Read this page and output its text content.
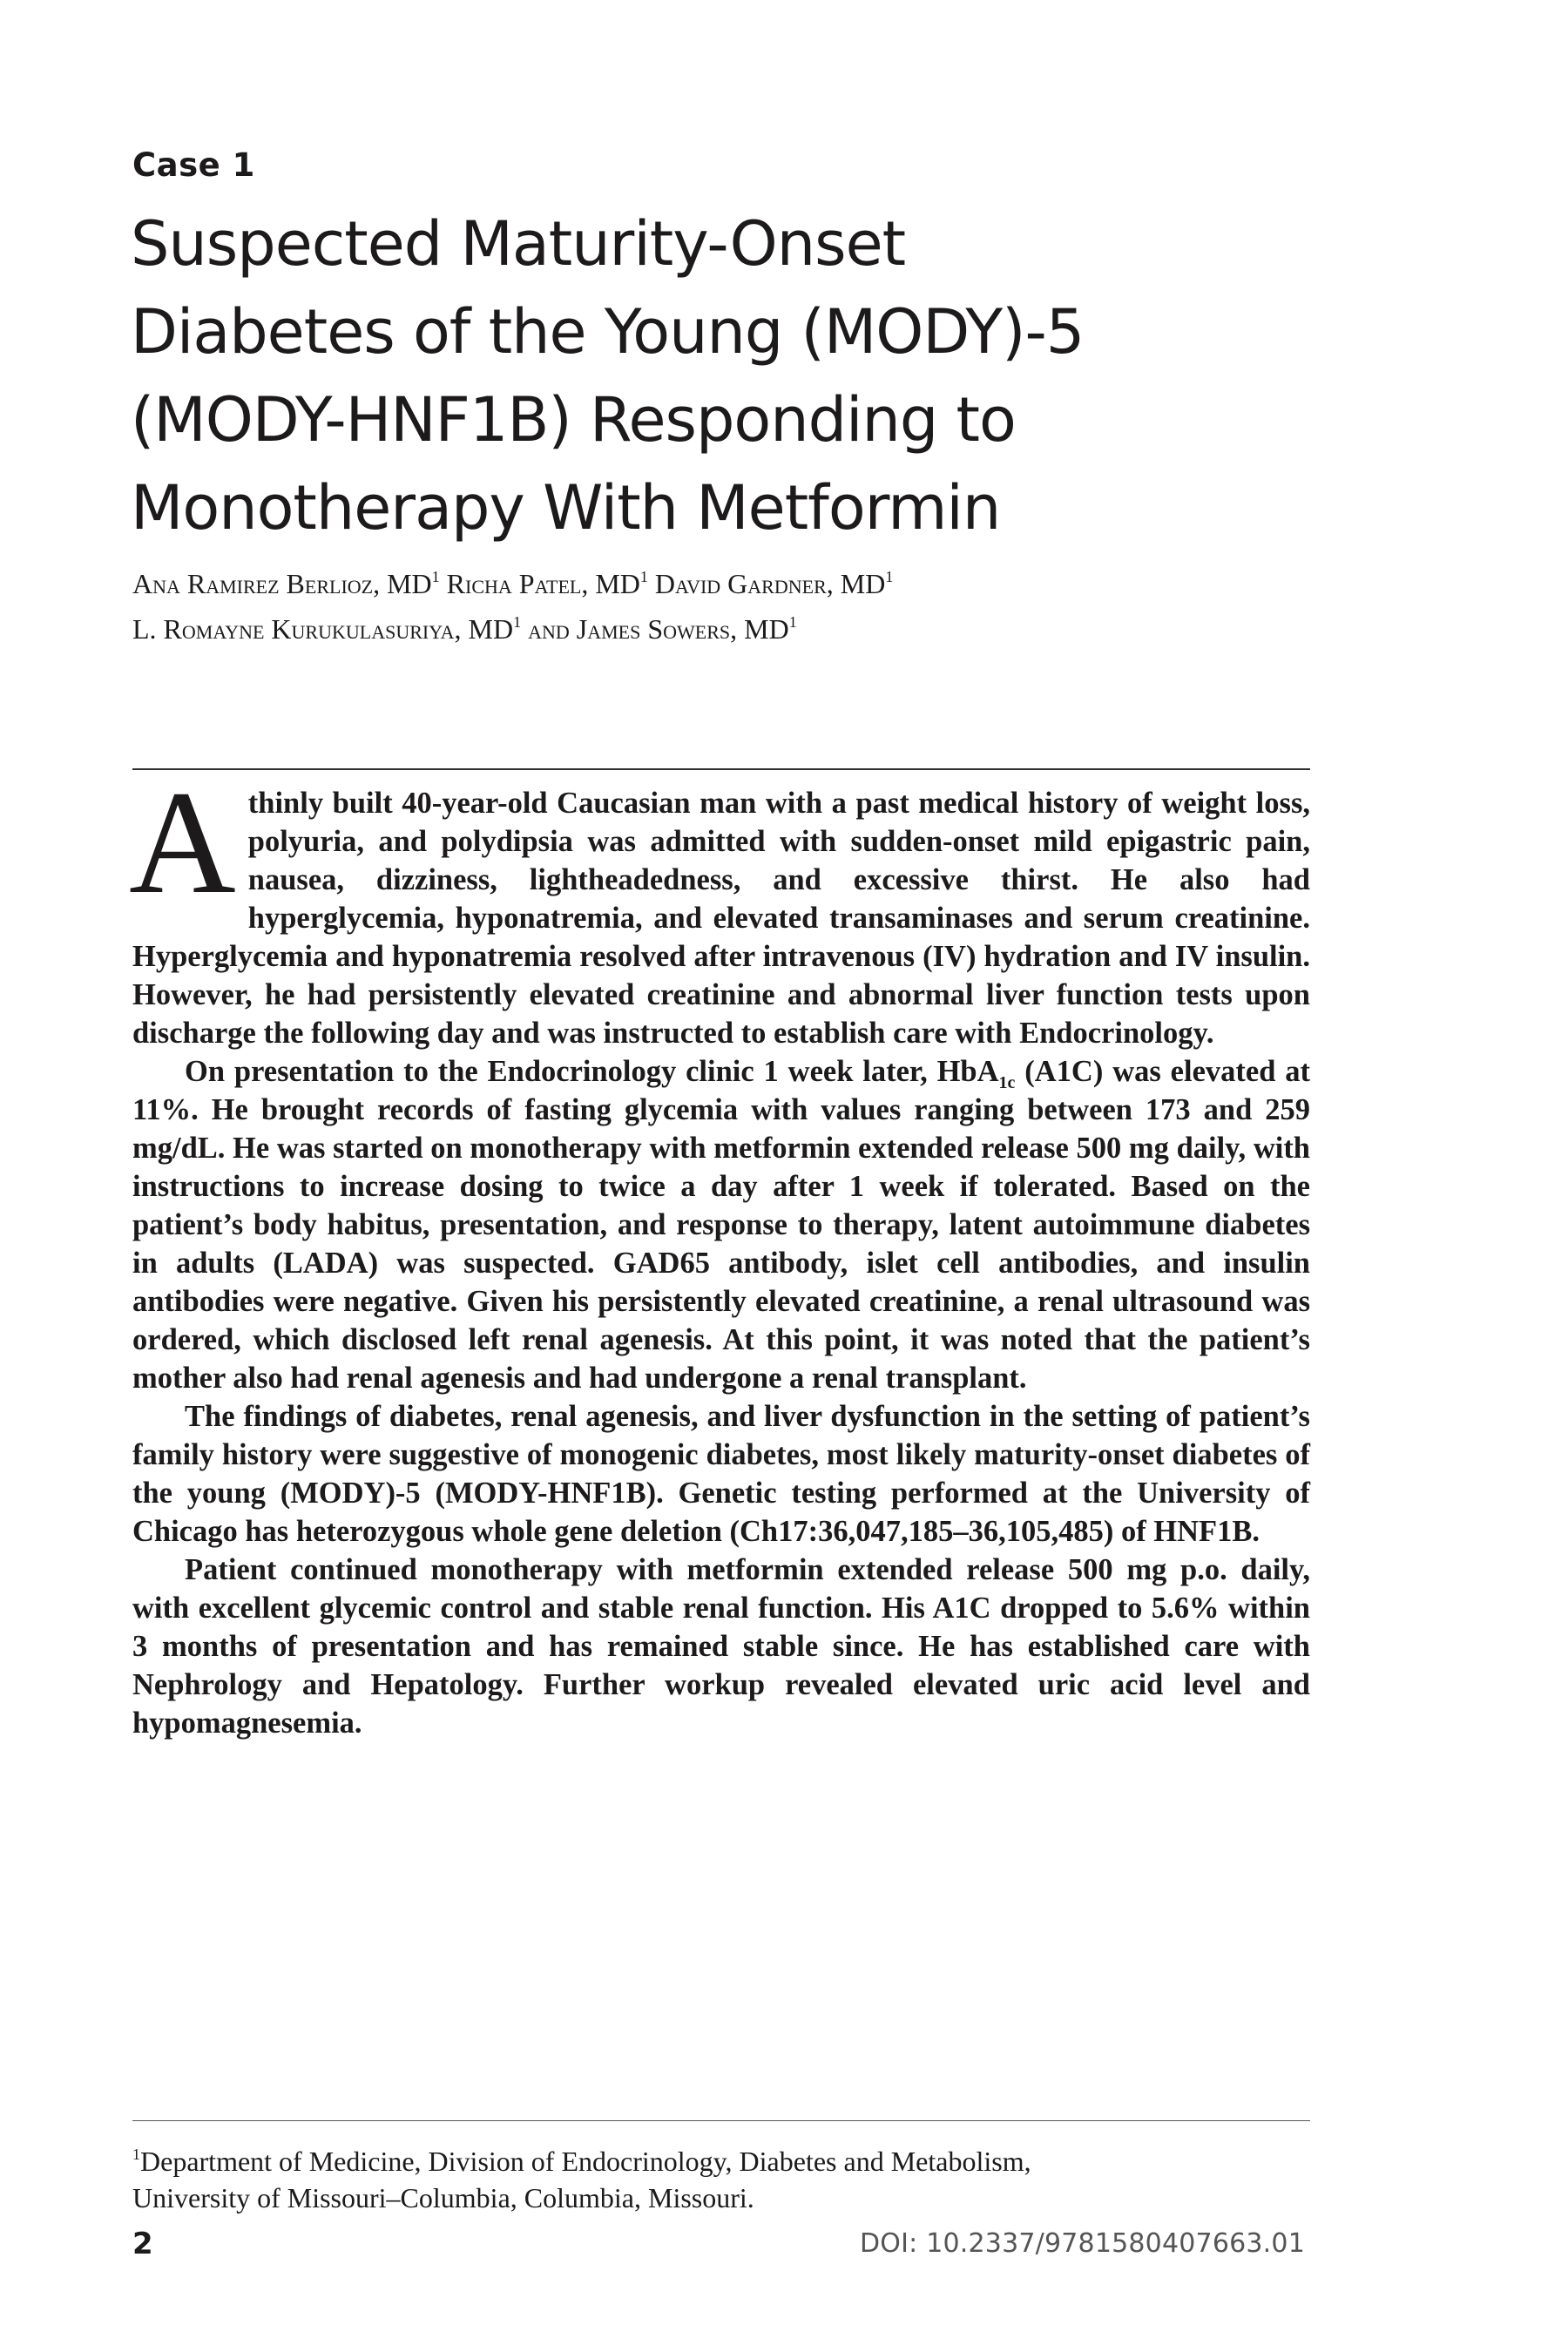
Case 1
Suspected Maturity-Onset
Diabetes of the Young (MODY)-5
(MODY-HNF1B) Responding to
Monotherapy With Metformin
Ana Ramirez Berlioz, $MD^1$ Richa Patel, $MD^1$ David Gardner, $MD^1$
L. Romayne Kurukulasuriya, $MD^1$ and James Sowers, $MD^1$

Athinly built 40-year-old Caucasian man with a past medical history of weight loss, polyuria, and polydipsia was admitted with sudden-onset mild epigastric pain, nausea, dizziness, lightheadedness, and excessive thirst. He also had hyperglycemia, hyponatremia, and elevated transaminases and serum creatinine. Hyperglycemia and hyponatremia resolved after intravenous (IV) hydration and IV insulin. However, he had persistently elevated creatinine and abnormal liver function tests upon discharge the following day and was instructed to establish care with Endocrinology.

On presentation to the Endocrinology clinic 1 week later, HbA$_{1c}$ (A1C) was elevated at 11%. He brought records of fasting glycemia with values ranging between 173 and 259 mg/dL. He was started on monotherapy with metformin extended release 500 mg daily, with instructions to increase dosing to twice a day after 1 week if tolerated. Based on the patient’s body habitus, presentation, and response to therapy, latent autoimmune diabetes in adults (LADA) was suspected. GAD65 antibody, islet cell antibodies, and insulin antibodies were negative. Given his persistently elevated creatinine, a renal ultrasound was ordered, which disclosed left renal agenesis. At this point, it was noted that the patient’s mother also had renal agenesis and had undergone a renal transplant.

The findings of diabetes, renal agenesis, and liver dysfunction in the setting of patient’s family history were suggestive of monogenic diabetes, most likely maturity-onset diabetes of the young (MODY)-5 (MODY-HNF1B). Genetic testing performed at the University of Chicago has heterozygous whole gene deletion (Ch17:36,047,185–36,105,485) of HNF1B.

Patient continued monotherapy with metformin extended release 500 mg p.o. daily, with excellent glycemic control and stable renal function. His A1C dropped to 5.6% within 3 months of presentation and has remained stable since. He has established care with Nephrology and Hepatology. Further workup revealed elevated uric acid level and hypomagnesemia.

$^1$Department of Medicine, Division of Endocrinology, Diabetes and Metabolism,
University of Missouri–Columbia, Columbia, Missouri.
2	DOI: 10.2337/9781580407663.01
